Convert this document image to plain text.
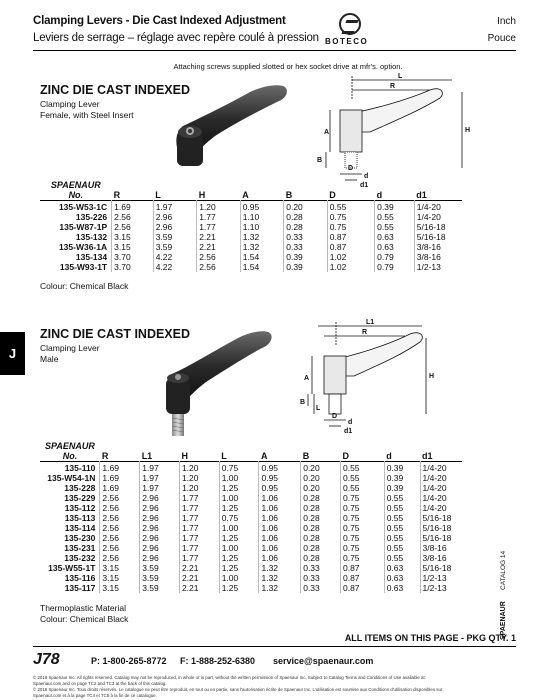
Clamping Levers - Die Cast Indexed Adjustment
Leviers de serrage – réglage avec repère coulé à pression BOTECO
Inch
Pouce
Attaching screws supplied slotted or hex socket drive at mfr's. option.
ZINC DIE CAST INDEXED
Clamping Lever
Female, with Steel Insert
L
R
A	H
B
D
d
d1
SPAENAUR
No.	R	L	H	A	B	D	d	d1
135-W53-1C	1.69	1.97	1.20	0.95	0.20	0.55	0.39	1/4-20
135-226	2.56	2.96	1.77	1.10	0.28	0.75	0.55	1/4-20
135-W87-1P	2.56	2.96	1.77	1.10	0.28	0.75	0.55	5/16-18
135-132	3.15	3.59	2.21	1.32	0.33	0.87	0.63	5/16-18
135-W36-1A	3.15	3.59	2.21	1.32	0.33	0.87	0.63	3/8-16
135-134	3.70	4.22	2.56	1.54	0.39	1.02	0.79	3/8-16
135-W93-1T	3.70	4.22	2.56	1.54	0.39	1.02	0.79	1/2-13
Colour: Chemical Black
J
ZINC DIE CAST INDEXED
Clamping Lever
Male
L1
R
A	H
B
L
D
d
d1
SPAENAUR
No.	R	L1	H	L	A	B	D	d	d1
135-110	1.69	1.97	1.20	0.75	0.95	0.20	0.55	0.39	1/4-20
135-W54-1N	1.69	1.97	1.20	1.00	0.95	0.20	0.55	0.39	1/4-20
135-228	1.69	1.97	1.20	1.25	0.95	0.20	0.55	0.39	1/4-20
135-229	2.56	2.96	1.77	1.00	1.06	0.28	0.75	0.55	1/4-20
135-112	2.56	2.96	1.77	1.25	1.06	0.28	0.75	0.55	1/4-20
135-113	2.56	2.96	1.77	0.75	1.06	0.28	0.75	0.55	5/16-18
135-114	2.56	2.96	1.77	1.00	1.06	0.28	0.75	0.55	5/16-18
135-230	2.56	2.96	1.77	1.25	1.06	0.28	0.75	0.55	5/16-18
135-231	2.56	2.96	1.77	1.00	1.06	0.28	0.75	0.55	3/8-16
135-232	2.56	2.96	1.77	1.25	1.06	0.28	0.75	0.55	3/8-16
135-W55-1T	3.15	3.59	2.21	1.25	1.32	0.33	0.87	0.63	5/16-18
135-116	3.15	3.59	2.21	1.00	1.32	0.33	0.87	0.63	1/2-13
135-117	3.15	3.59	2.21	1.25	1.32	0.33	0.87	0.63	1/2-13
Thermoplastic Material
Colour: Chemical Black
CATALOG 14
SPAENAUR
ALL ITEMS ON THIS PAGE - PKG QTY. 1
J78	P: 1-800-265-8772 F: 1-888-252-6380 service@spaenaur.com
© 2018 Spaenaur Inc. All rights reserved. Catalog may not be reproduced, in whole or in part, without the written permission of Spaenaur Inc. Subject to Catalog Terms and Conditions of Use available at Spaenaur.com and on page TC2 and TC3 at the back of this catalog.
© 2018 Spaenaur Inc. Tous droits réservés. Le catalogue ne peut être reproduit, en tout ou en partie, sans l'autorisation écrite de Spaenaur Inc. L'utilisation est soumise aux Conditions d'utilisation disponibles sur Spaenaur.com et à la page TC4 et TC5 à la fin de ce catalogue.
